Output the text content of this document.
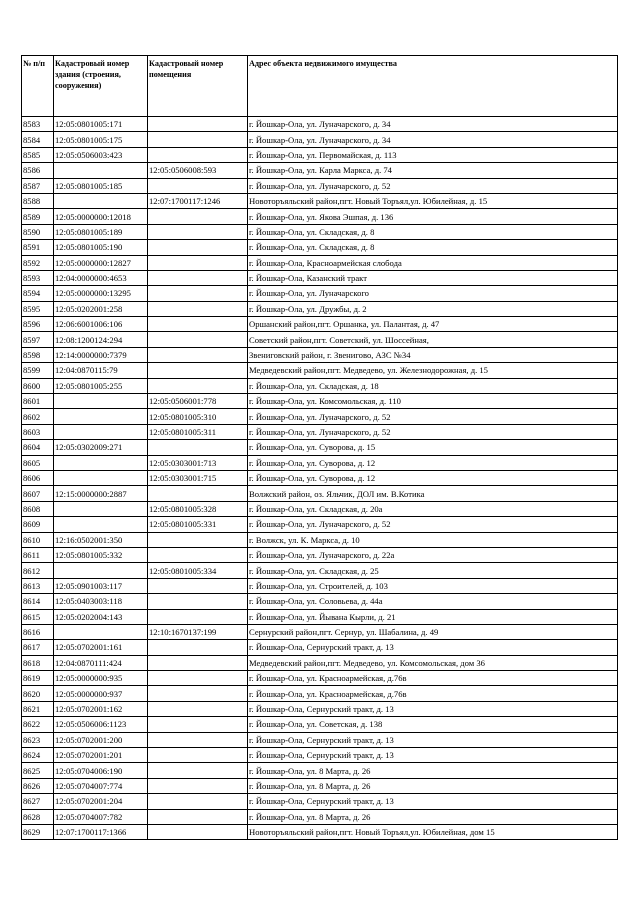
№ п/п	Кадастровый номер здания (строения, сооружения)	Кадастровый номер помещения	Адрес объекта недвижимого имущества
8583	12:05:0801005:171		г. Йошкар-Ола, ул. Луначарского, д. 34
8584	12:05:0801005:175		г. Йошкар-Ола, ул. Луначарского, д. 34
8585	12:05:0506003:423		г. Йошкар-Ола, ул. Первомайская, д. 113
8586		12:05:0506008:593	г. Йошкар-Ола, ул. Карла Маркса, д. 74
8587	12:05:0801005:185		г. Йошкар-Ола, ул. Луначарского, д. 52
8588		12:07:1700117:1246	Новоторъяльский район,пгт. Новый Торъял,ул. Юбилейная, д. 15
8589	12:05:0000000:12018		г. Йошкар-Ола, ул. Якова Эшпая, д. 136
8590	12:05:0801005:189		г. Йошкар-Ола, ул. Складская, д. 8
8591	12:05:0801005:190		г. Йошкар-Ола, ул. Складская, д. 8
8592	12:05:0000000:12827		г. Йошкар-Ола, Красноармейская слобода
8593	12:04:0000000:4653		г. Йошкар-Ола, Казанский тракт
8594	12:05:0000000:13295		г. Йошкар-Ола, ул. Луначарского
8595	12:05:0202001:258		г. Йошкар-Ола, ул. Дружбы, д. 2
8596	12:06:6001006:106		Оршанский район,пгт. Оршанка, ул. Палантая, д. 47
8597	12:08:1200124:294		Советский район,пгт. Советский, ул. Шоссейная,
8598	12:14:0000000:7379		Звениговский район, г. Звенигово, АЗС №34
8599	12:04:0870115:79		Медведевский район,пгт. Медведево, ул. Железнодорожная, д. 15
8600	12:05:0801005:255		г. Йошкар-Ола, ул. Складская, д. 18
8601		12:05:0506001:778	г. Йошкар-Ола, ул. Комсомольская, д. 110
8602		12:05:0801005:310	г. Йошкар-Ола, ул. Луначарского, д. 52
8603		12:05:0801005:311	г. Йошкар-Ола, ул. Луначарского, д. 52
8604	12:05:0302009:271		г. Йошкар-Ола, ул. Суворова, д. 15
8605		12:05:0303001:713	г. Йошкар-Ола, ул. Суворова, д. 12
8606		12:05:0303001:715	г. Йошкар-Ола, ул. Суворова, д. 12
8607	12:15:0000000:2887		Волжский район, оз. Яльчик, ДОЛ им. В.Котика
8608		12:05:0801005:328	г. Йошкар-Ола, ул. Складская, д. 20а
8609		12:05:0801005:331	г. Йошкар-Ола, ул. Луначарского, д. 52
8610	12:16:0502001:350		г. Волжск, ул. К. Маркса, д. 10
8611	12:05:0801005:332		г. Йошкар-Ола, ул. Луначарского, д. 22а
8612		12:05:0801005:334	г. Йошкар-Ола, ул. Складская, д. 25
8613	12:05:0901003:117		г. Йошкар-Ола, ул. Строителей, д. 103
8614	12:05:0403003:118		г. Йошкар-Ола, ул. Соловьева, д. 44а
8615	12:05:0202004:143		г. Йошкар-Ола, ул. Йывана Кырли, д. 21
8616		12:10:1670137:199	Сернурский район,пгт. Сернур, ул. Шабалина, д. 49
8617	12:05:0702001:161		г. Йошкар-Ола, Сернурский тракт, д. 13
8618	12:04:0870111:424		Медведевский район,пгт. Медведево, ул. Комсомольская, дом 36
8619	12:05:0000000:935		г. Йошкар-Ола, ул. Красноармейская, д.76в
8620	12:05:0000000:937		г. Йошкар-Ола, ул. Красноармейская, д.76в
8621	12:05:0702001:162		г. Йошкар-Ола, Сернурский тракт, д. 13
8622	12:05:0506006:1123		г. Йошкар-Ола, ул. Советская, д. 138
8623	12:05:0702001:200		г. Йошкар-Ола, Сернурский тракт, д. 13
8624	12:05:0702001:201		г. Йошкар-Ола, Сернурский тракт, д. 13
8625	12:05:0704006:190		г. Йошкар-Ола, ул. 8 Марта, д. 26
8626	12:05:0704007:774		г. Йошкар-Ола, ул. 8 Марта, д. 26
8627	12:05:0702001:204		г. Йошкар-Ола, Сернурский тракт, д. 13
8628	12:05:0704007:782		г. Йошкар-Ола, ул. 8 Марта, д. 26
8629	12:07:1700117:1366		Новоторъяльский район,пгт. Новый Торъял,ул. Юбилейная, дом 15
